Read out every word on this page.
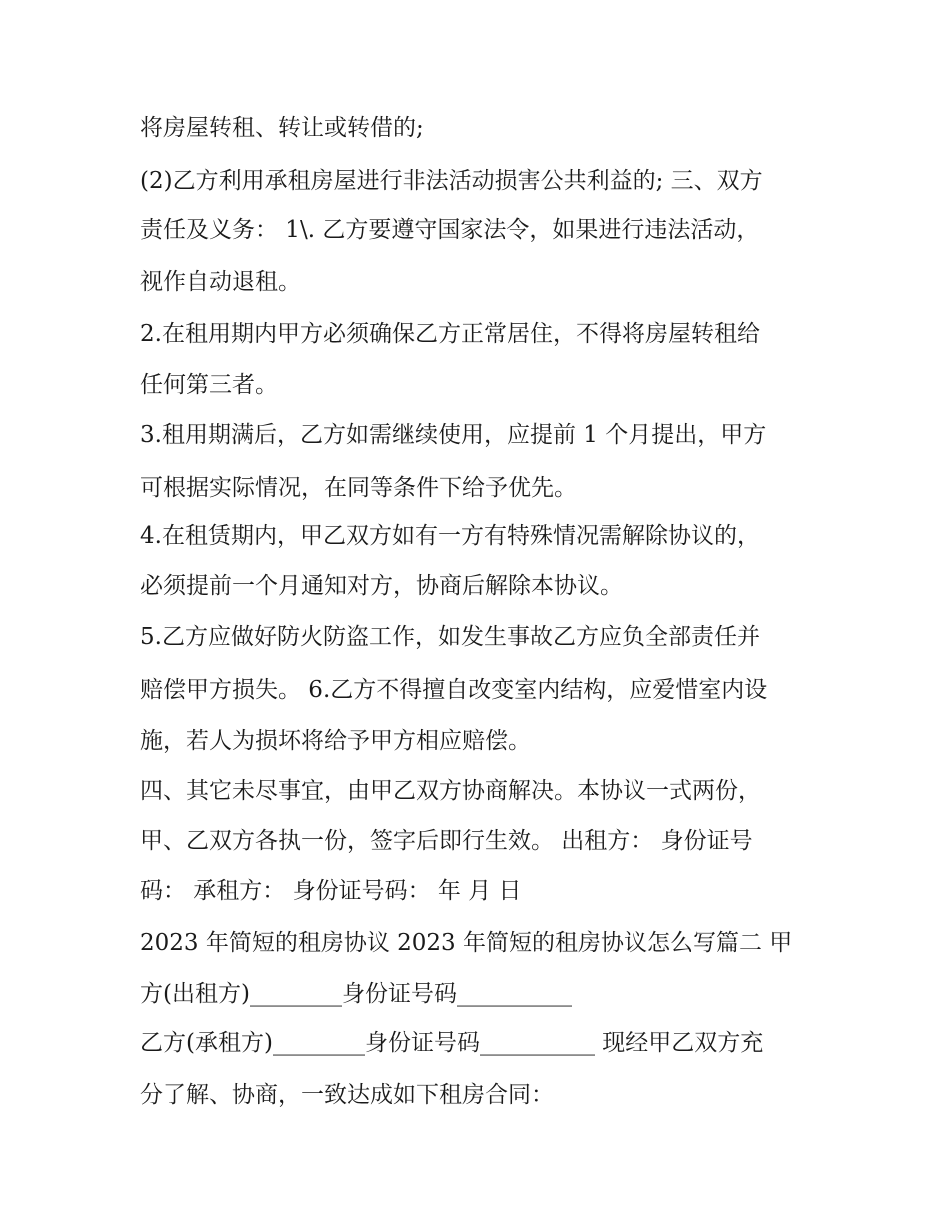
将房屋转租、转让或转借的;

(2)乙方利用承租房屋进行非法活动损害公共利益的; 三、双方

责任及义务： 1\. 乙方要遵守国家法令，如果进行违法活动，

视作自动退租。

2.在租用期内甲方必须确保乙方正常居住，不得将房屋转租给

任何第三者。

3.租用期满后，乙方如需继续使用，应提前 1 个月提出，甲方

可根据实际情况，在同等条件下给予优先。

4.在租赁期内，甲乙双方如有一方有特殊情况需解除协议的，

必须提前一个月通知对方，协商后解除本协议。

5.乙方应做好防火防盗工作，如发生事故乙方应负全部责任并

赔偿甲方损失。 6.乙方不得擅自改变室内结构，应爱惜室内设

施，若人为损坏将给予甲方相应赔偿。

四、其它未尽事宜，由甲乙双方协商解决。本协议一式两份，

甲、乙双方各执一份，签字后即行生效。 出租方： 身份证号

码： 承租方： 身份证号码： 年 月 日

2023 年简短的租房协议 2023 年简短的租房协议怎么写篇二 甲

方(出租方)________身份证号码__________

乙方(承租方)________身份证号码__________ 现经甲乙双方充

分了解、协商，一致达成如下租房合同：
